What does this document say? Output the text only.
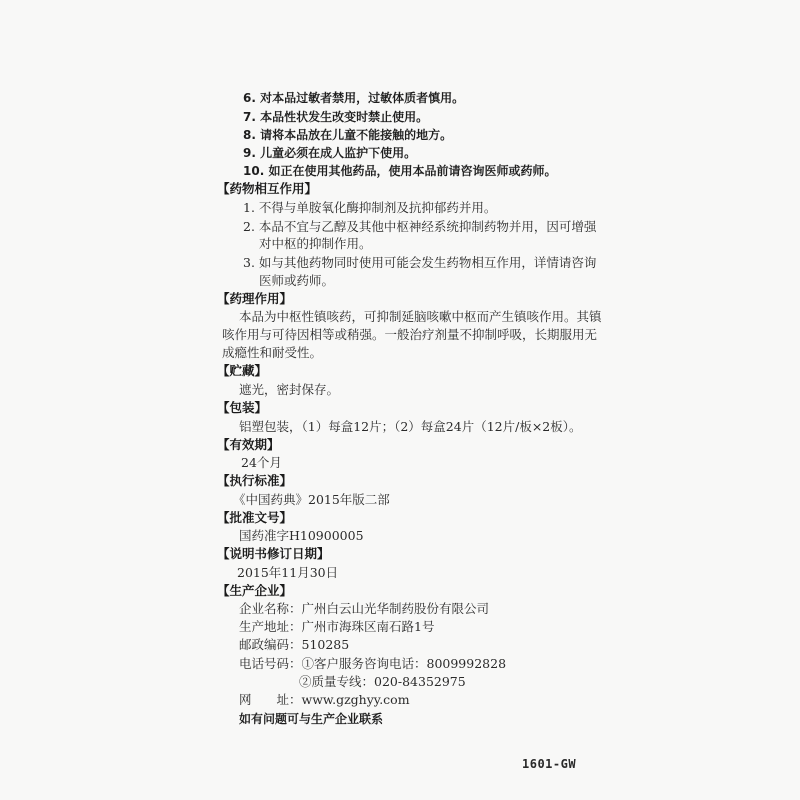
6. 对本品过敏者禁用，过敏体质者慎用。
7. 本品性状发生改变时禁止使用。
8. 请将本品放在儿童不能接触的地方。
9. 儿童必须在成人监护下使用。
10. 如正在使用其他药品，使用本品前请咨询医师或药师。
【药物相互作用】
1. 不得与单胺氧化酶抑制剂及抗抑郁药并用。
2. 本品不宜与乙醇及其他中枢神经系统抑制药物并用，因可增强
对中枢的抑制作用。
3. 如与其他药物同时使用可能会发生药物相互作用，详情请咨询
医师或药师。
【药理作用】
本品为中枢性镇咳药，可抑制延脑咳嗽中枢而产生镇咳作用。其镇
咳作用与可待因相等或稍强。一般治疗剂量不抑制呼吸，长期服用无
成瘾性和耐受性。
【贮藏】
遮光，密封保存。
【包装】
铝塑包装，（1）每盒12片；（2）每盒24片（12片/板×2板）。
【有效期】
24个月
【执行标准】
《中国药典》2015年版二部
【批准文号】
国药准字H10900005
【说明书修订日期】
2015年11月30日
【生产企业】
企业名称：广州白云山光华制药股份有限公司
生产地址：广州市海珠区南石路1号
邮政编码：510285
电话号码：①客户服务咨询电话：8009992828
②质量专线：020-84352975
网　　址：www.gzghyy.com
如有问题可与生产企业联系
1601-GW
